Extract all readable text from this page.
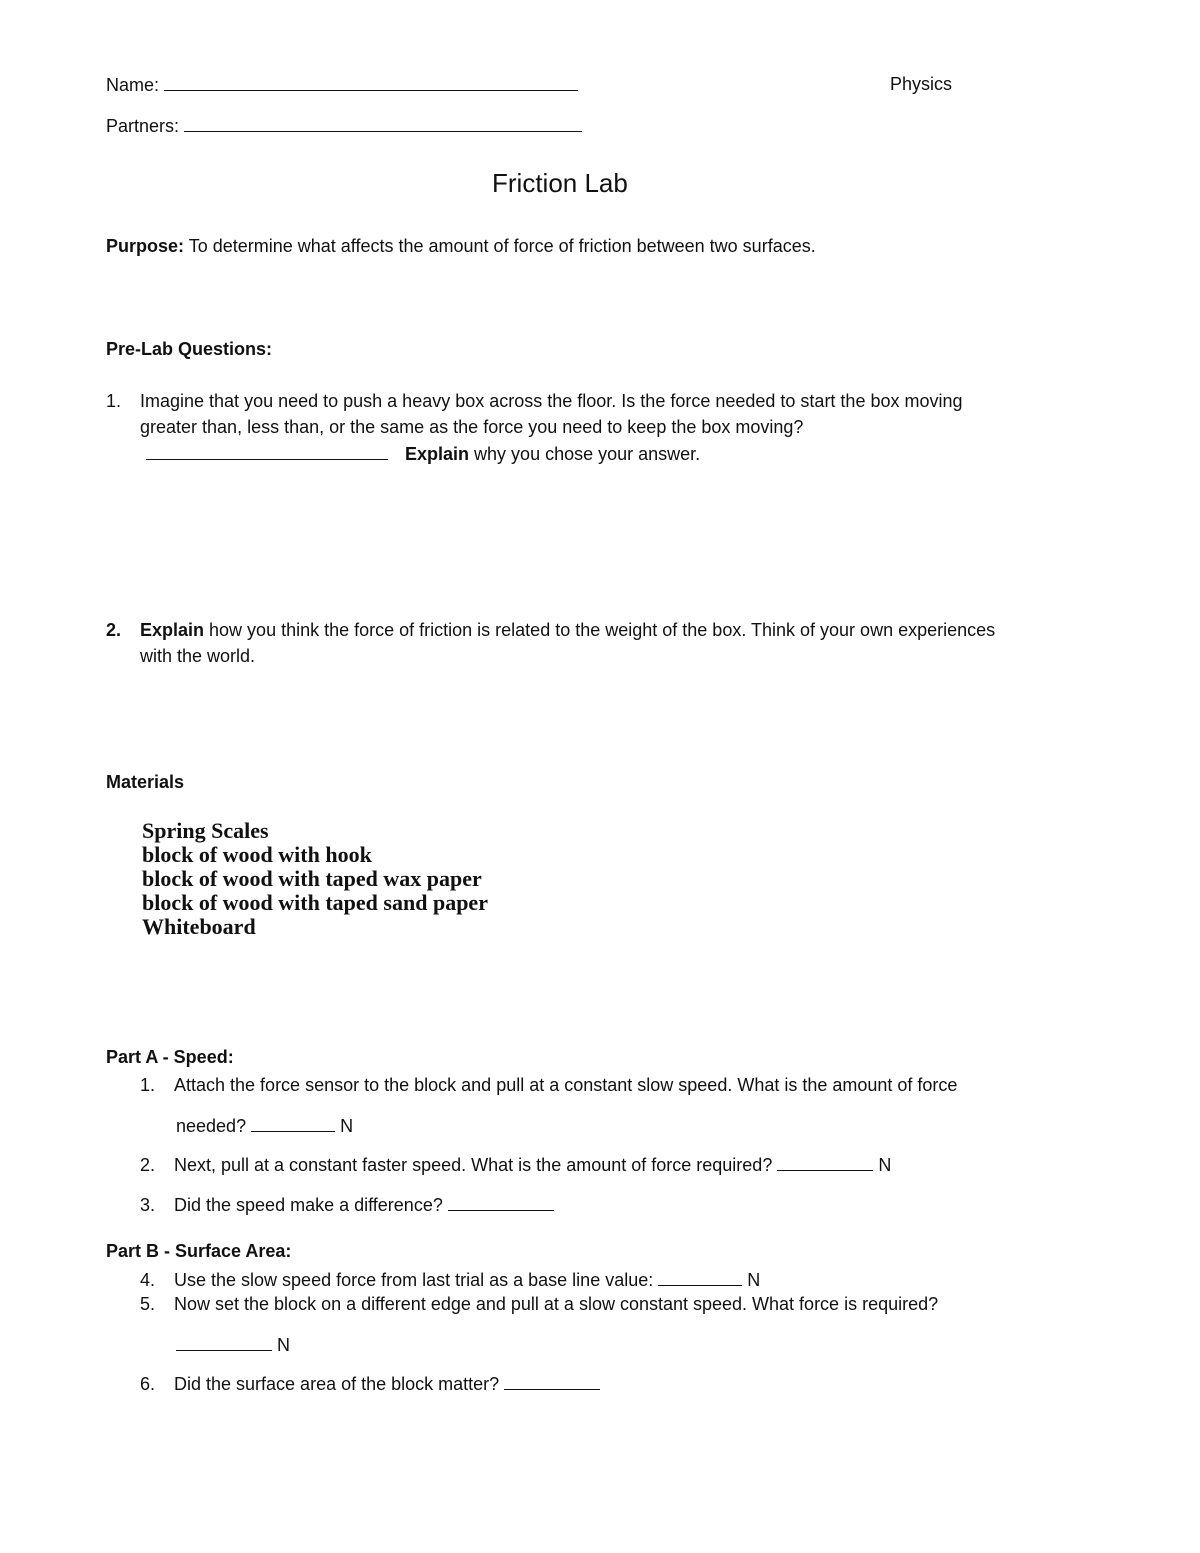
Name:	Physics
Partners:
Friction Lab
Purpose: To determine what affects the amount of force of friction between two surfaces.
Pre-Lab Questions:
1. Imagine that you need to push a heavy box across the floor. Is the force needed to start the box moving
greater than, less than, or the same as the force you need to keep the box moving?
Explain why you chose your answer.
2. Explain how you think the force of friction is related to the weight of the box. Think of your own experiences
with the world.
Materials
Spring Scales
block of wood with hook
block of wood with taped wax paper
block of wood with taped sand paper
Whiteboard
Part A - Speed:
1. Attach the force sensor to the block and pull at a constant slow speed. What is the amount of force
needed?	N
2. Next, pull at a constant faster speed. What is the amount of force required?	N
3. Did the speed make a difference?
Part B - Surface Area:
4. Use the slow speed force from last trial as a base line value:	N
5. Now set the block on a different edge and pull at a slow constant speed. What force is required?
N
6. Did the surface area of the block matter?
